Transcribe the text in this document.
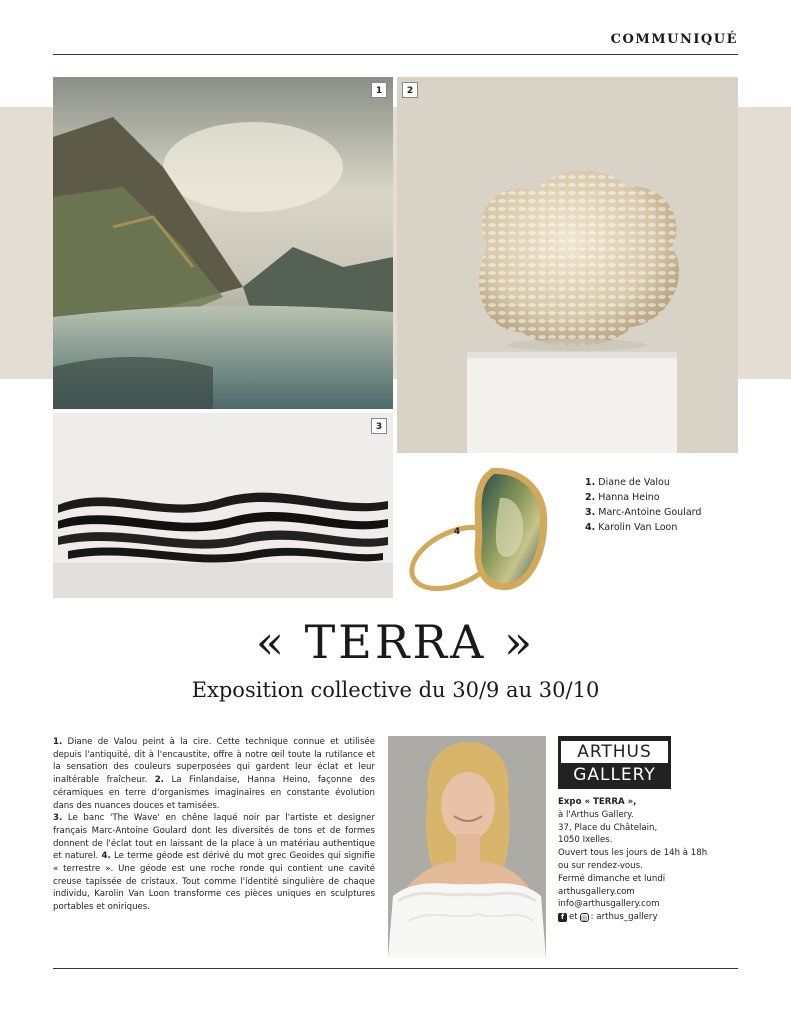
COMMUNIQUÉ
1	2
3
4
1. Diane de Valou
2. Hanna Heino
3. Marc-Antoine Goulard
4. Karolin Van Loon
« TERRA »
Exposition collective du 30/9 au 30/10

1. Diane de Valou peint à la cire. Cette technique connue et utilisée depuis l'antiquité, dit à l'encaustite, offre à notre œil toute la rutilance et la sensation des couleurs superposées qui gardent leur éclat et leur inaltérable fraîcheur. 2. La Finlandaise, Hanna Heino, façonne des céramiques en terre d'organismes imaginaires en constante évolution dans des nuances douces et tamisées.

3. Le banc 'The Wave' en chêne laqué noir par l'artiste et designer français Marc-Antoine Goulard dont les diversités de tons et de formes donnent de l'éclat tout en laissant de la place à un matériau authentique et naturel. 4. Le terme géode est dérivé du mot grec Geoides qui signifie « terrestre ». Une géode est une roche ronde qui contient une cavité creuse tapissée de cristaux. Tout comme l'identité singulière de chaque individu, Karolin Van Loon transforme ces pièces uniques en sculptures portables et oniriques.

ARTHUS
GALLERY
Expo « TERRA »,
à l'Arthus Gallery.
37, Place du Châtelain,
1050 Ixelles.
Ouvert tous les jours de 14h à 18h
ou sur rendez-vous.
Fermé dimanche et lundi
arthusgallery.com
info@arthusgallery.com
f et ◎ : arthus_gallery
